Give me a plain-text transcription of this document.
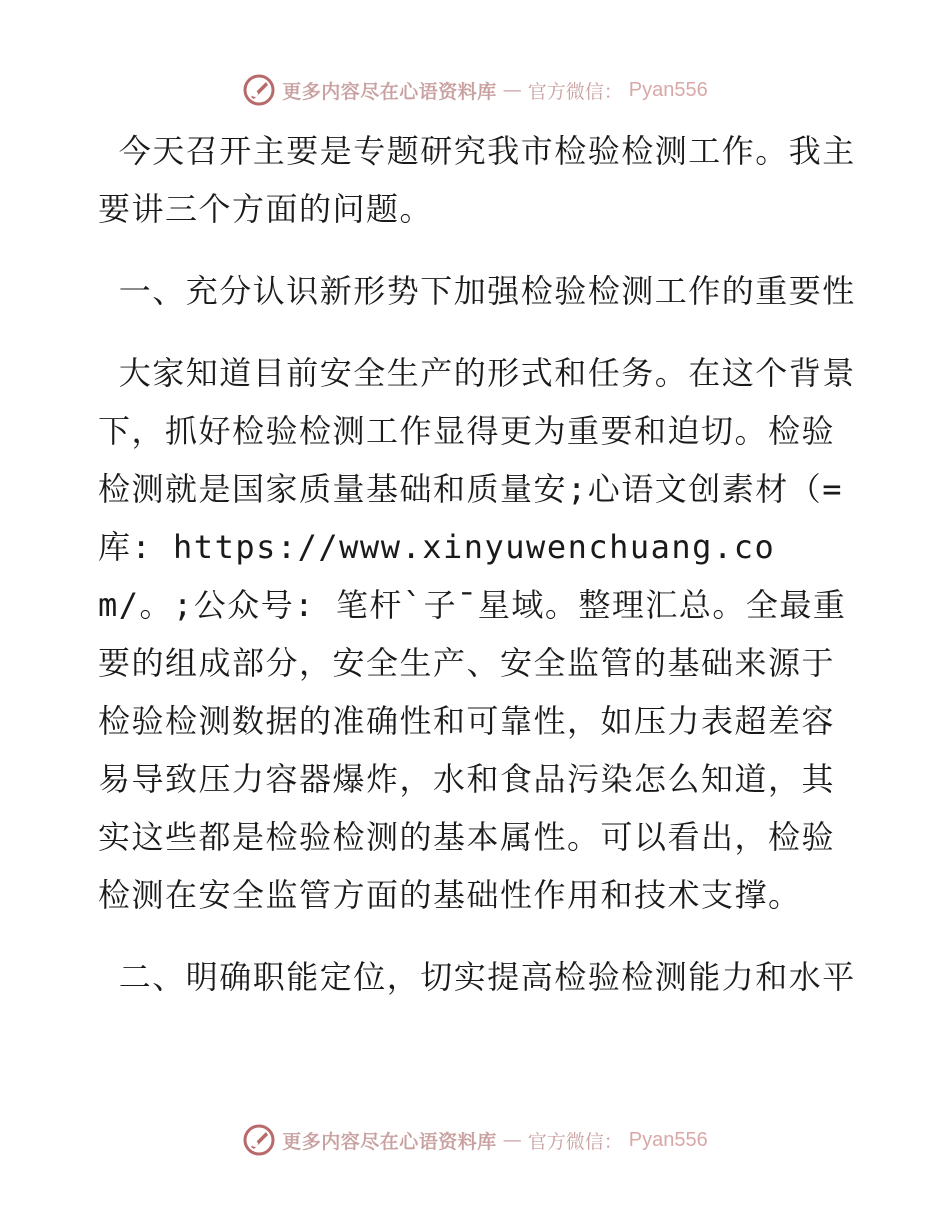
更多内容尽在心语资料库 — 官方微信： Pyan556

今天召开主要是专题研究我市检验检测工作。我主要讲三个方面的问题。

一、充分认识新形势下加强检验检测工作的重要性

大家知道目前安全生产的形式和任务。在这个背景下，抓好检验检测工作显得更为重要和迫切。检验检测就是国家质量基础和质量安;心语文创素材（=库: https://www.xinyuwenchuang.com/。;公众号: 笔杆`子¯星域。整理汇总。全最重要的组成部分，安全生产、安全监管的基础来源于检验检测数据的准确性和可靠性，如压力表超差容易导致压力容器爆炸，水和食品污染怎么知道，其实这些都是检验检测的基本属性。可以看出，检验检测在安全监管方面的基础性作用和技术支撑。

二、明确职能定位，切实提高检验检测能力和水平

更多内容尽在心语资料库 — 官方微信： Pyan556
